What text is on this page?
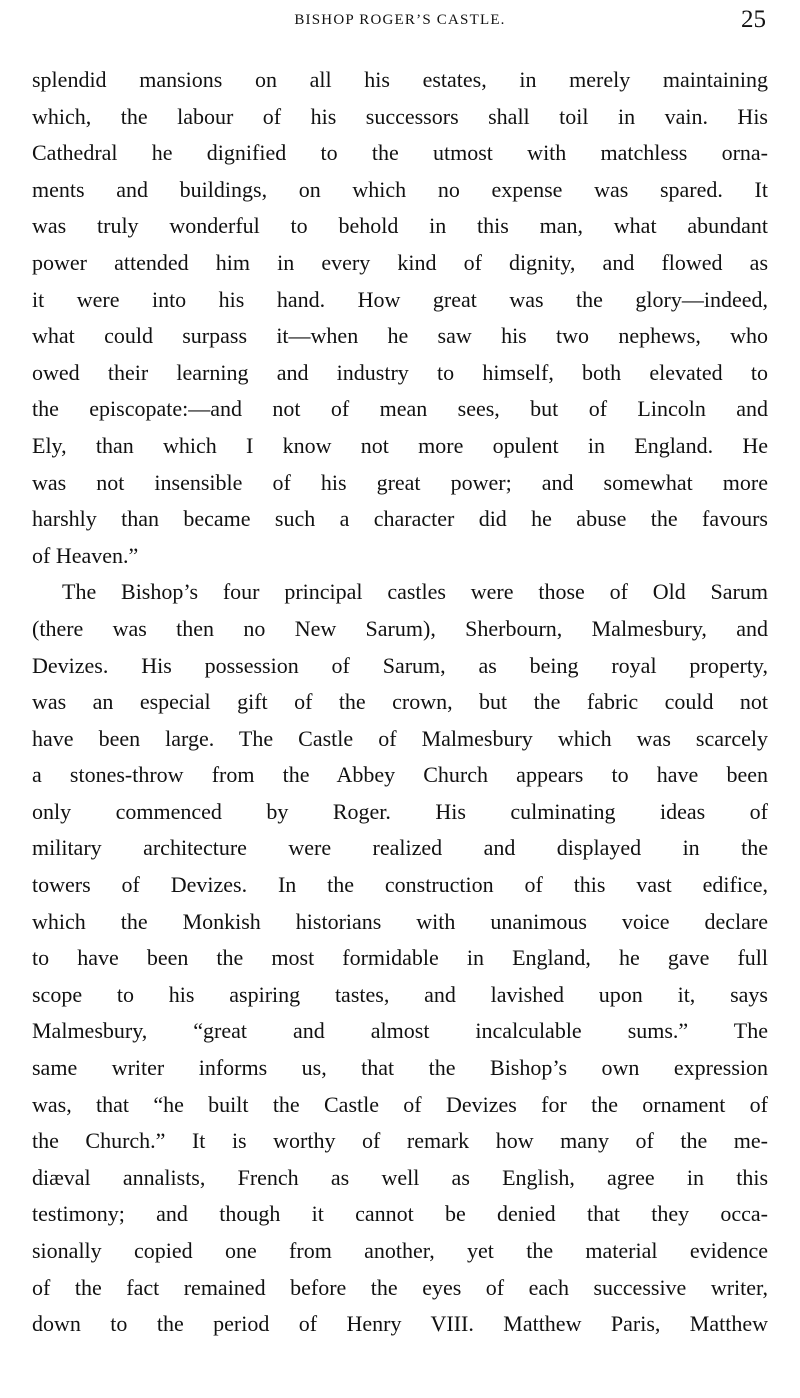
BISHOP ROGER’S CASTLE.	25
splendid mansions on all his estates, in merely maintaining
which, the labour of his successors shall toil in vain. His
Cathedral he dignified to the utmost with matchless orna-
ments and buildings, on which no expense was spared. It
was truly wonderful to behold in this man, what abundant
power attended him in every kind of dignity, and flowed as
it were into his hand. How great was the glory—indeed,
what could surpass it—when he saw his two nephews, who
owed their learning and industry to himself, both elevated to
the episcopate:—and not of mean sees, but of Lincoln and
Ely, than which I know not more opulent in England. He
was not insensible of his great power; and somewhat more
harshly than became such a character did he abuse the favours
of Heaven.”
The Bishop’s four principal castles were those of Old Sarum
(there was then no New Sarum), Sherbourn, Malmesbury, and
Devizes. His possession of Sarum, as being royal property,
was an especial gift of the crown, but the fabric could not
have been large. The Castle of Malmesbury which was scarcely
a stones-throw from the Abbey Church appears to have been
only commenced by Roger. His culminating ideas of
military architecture were realized and displayed in the
towers of Devizes. In the construction of this vast edifice,
which the Monkish historians with unanimous voice declare
to have been the most formidable in England, he gave full
scope to his aspiring tastes, and lavished upon it, says
Malmesbury, “great and almost incalculable sums.” The
same writer informs us, that the Bishop’s own expression
was, that “he built the Castle of Devizes for the ornament of
the Church.” It is worthy of remark how many of the me-
diæval annalists, French as well as English, agree in this
testimony; and though it cannot be denied that they occa-
sionally copied one from another, yet the material evidence
of the fact remained before the eyes of each successive writer,
down to the period of Henry VIII. Matthew Paris, Matthew
